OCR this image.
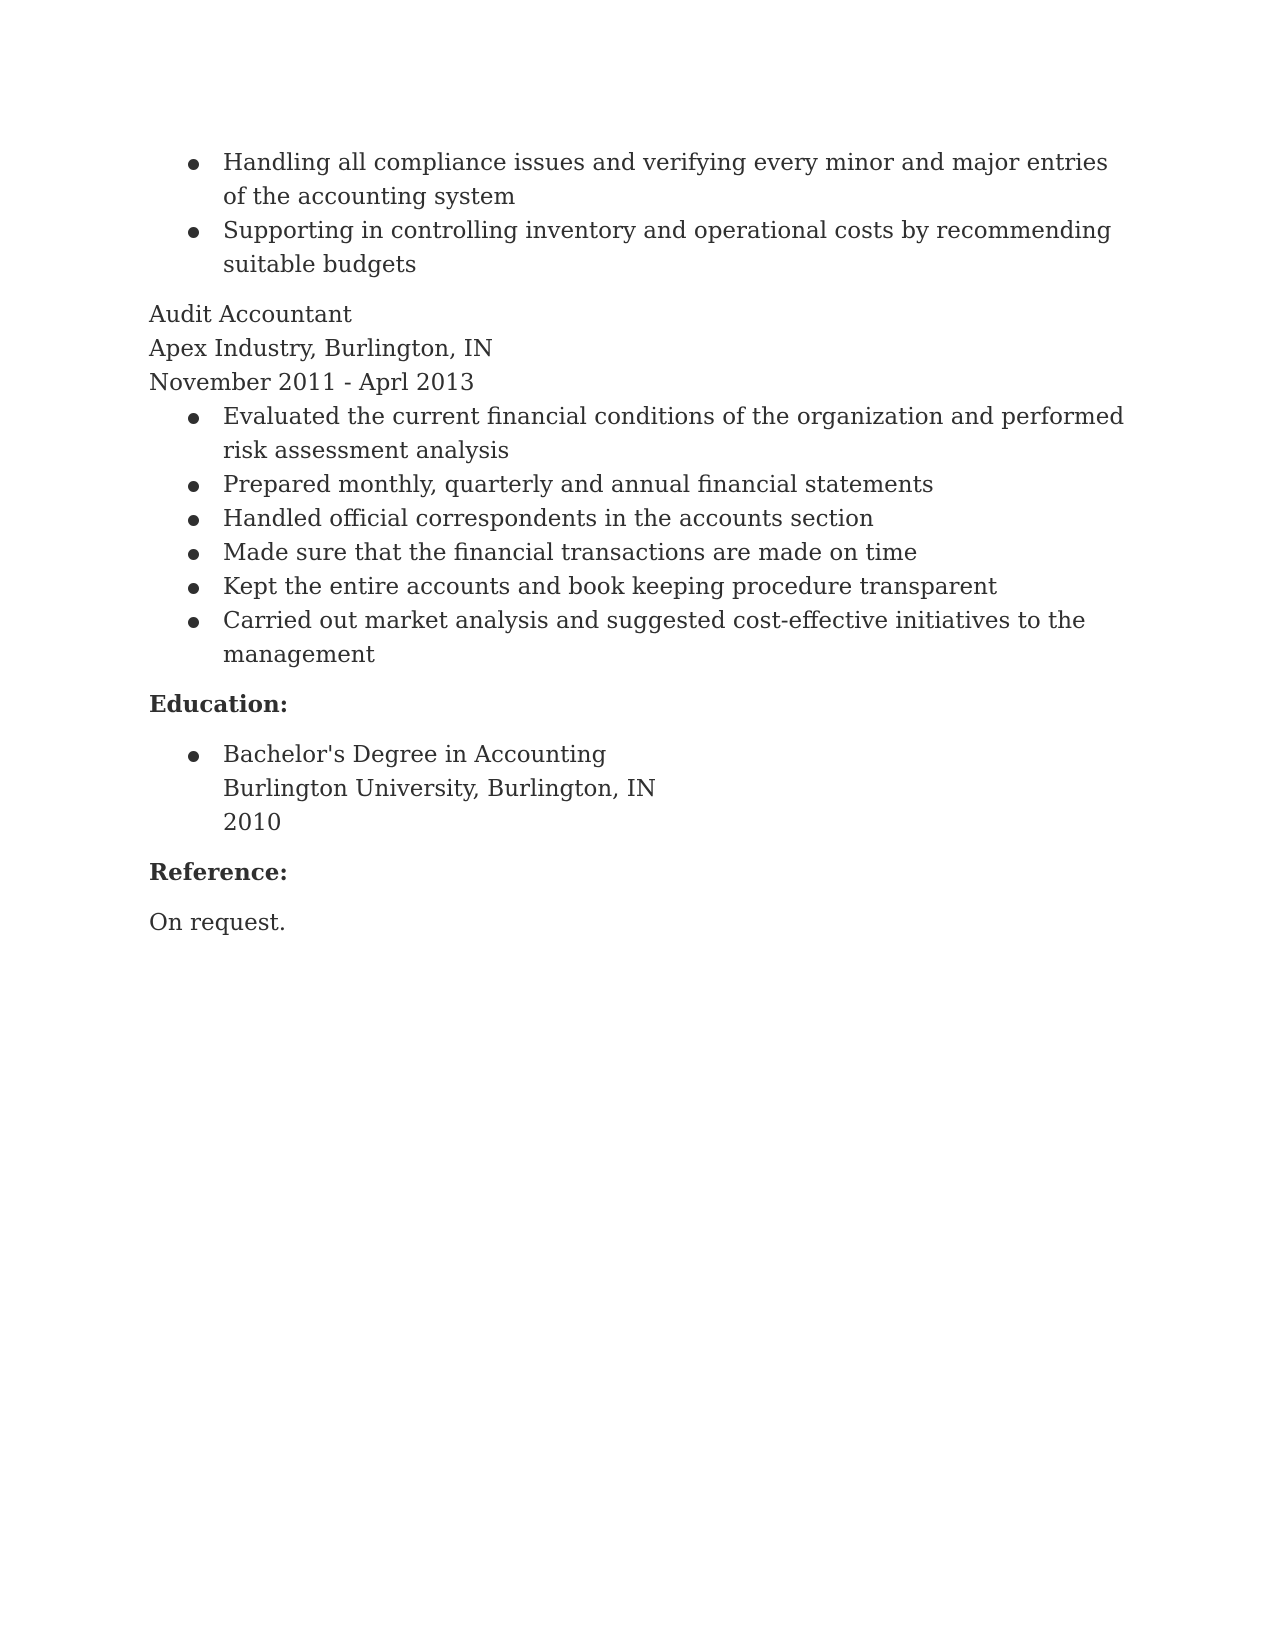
Handling all compliance issues and verifying every minor and major entries of the accounting system
Supporting in controlling inventory and operational costs by recommending suitable budgets
Audit Accountant
Apex Industry, Burlington, IN
November 2011 - Aprl 2013
Evaluated the current financial conditions of the organization and performed risk assessment analysis
Prepared monthly, quarterly and annual financial statements
Handled official correspondents in the accounts section
Made sure that the financial transactions are made on time
Kept the entire accounts and book keeping procedure transparent
Carried out market analysis and suggested cost-effective initiatives to the management
Education:
Bachelor's Degree in Accounting
Burlington University, Burlington, IN
2010
Reference:
On request.
